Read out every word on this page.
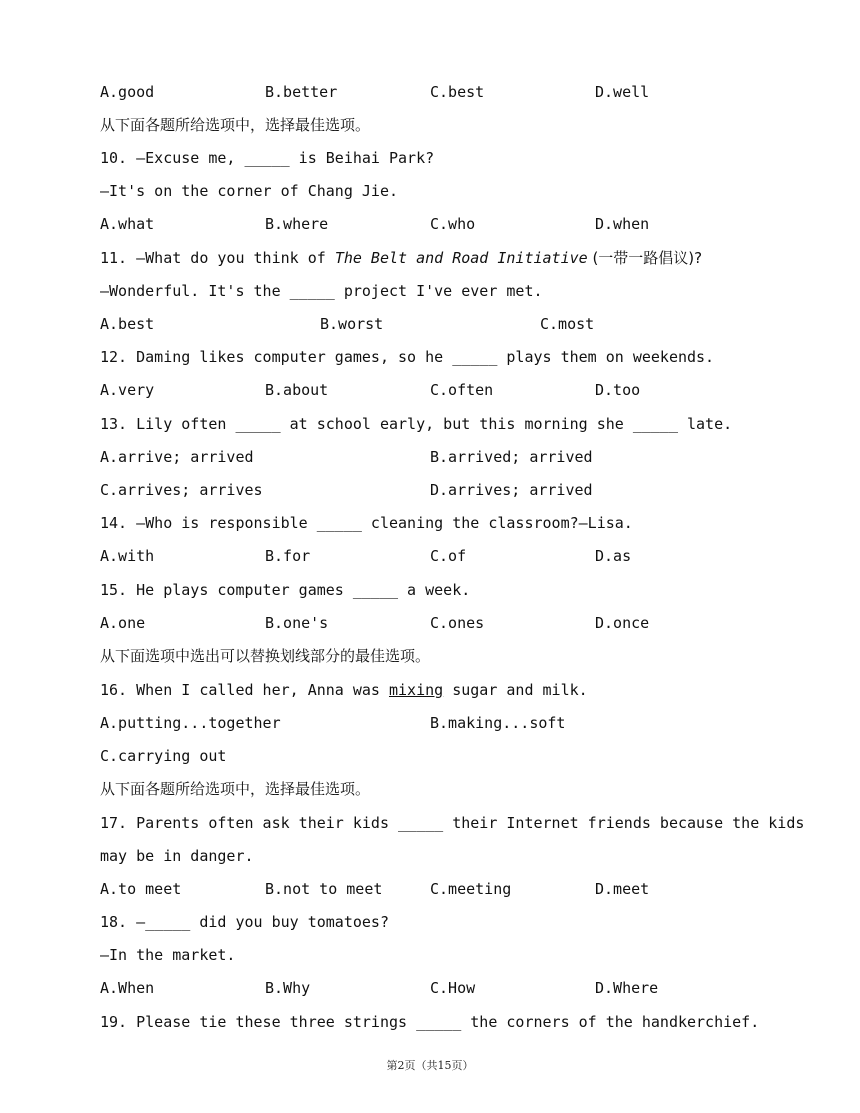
A.good	B.better	C.best	D.well
从下面各题所给选项中，选择最佳选项。
10. —Excuse me, _____ is Beihai Park?
—It's on the corner of Chang Jie.
A.what	B.where	C.who	D.when
11. —What do you think of The Belt and Road Initiative (一带一路倡议)?
—Wonderful. It's the _____ project I've ever met.
A.best	B.worst	C.most
12. Daming likes computer games, so he _____ plays them on weekends.
A.very	B.about	C.often	D.too
13. Lily often _____ at school early, but this morning she _____ late.
A.arrive; arrived	B.arrived; arrived
C.arrives; arrives	D.arrives; arrived
14. —Who is responsible _____ cleaning the classroom?—Lisa.
A.with	B.for	C.of	D.as
15. He plays computer games _____ a week.
A.one	B.one's	C.ones	D.once
从下面选项中选出可以替换划线部分的最佳选项。
16. When I called her, Anna was mixing sugar and milk.
A.putting...together	B.making...soft
C.carrying out
从下面各题所给选项中，选择最佳选项。
17. Parents often ask their kids _____ their Internet friends because the kids
may be in danger.
A.to meet	B.not to meet	C.meeting	D.meet
18. —_____ did you buy tomatoes?
—In the market.
A.When	B.Why	C.How	D.Where
19. Please tie these three strings _____ the corners of the handkerchief.
第2页（共15页）
